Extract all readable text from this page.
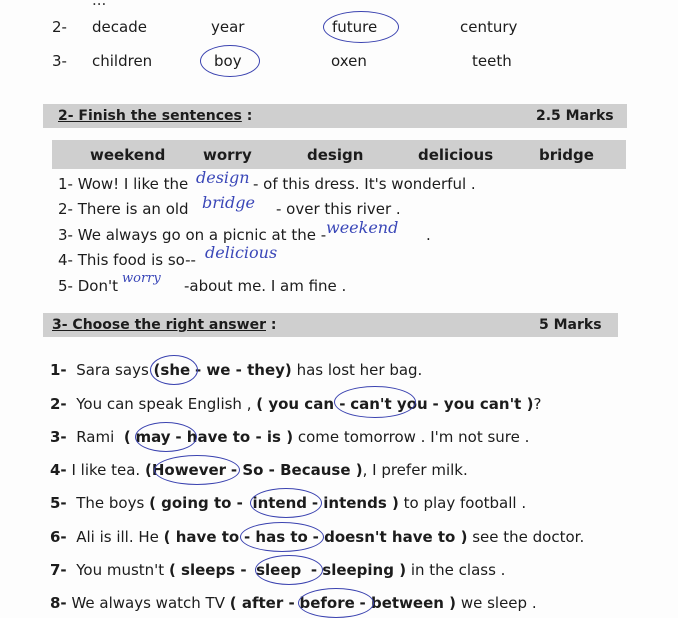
...
2- decade	year	future	century
3- children	boy	oxen	teeth
2- Finish the sentences :	2.5 Marks
weekend	worry	design	delicious	bridge
1- Wow! I like the design - of this dress. It's wonderful .
2- There is an old bridge - over this river .
3- We always go on a picnic at the - weekend .
4- This food is so-- delicious
5- Don't worry -about me. I am fine .
3- Choose the right answer :	5 Marks
1- Sara says (she - we - they) has lost her bag.
2- You can speak English , ( you can - can't you - you can't )?
3- Rami ( may - have to - is ) come tomorrow . I'm not sure .
4- I like tea. (However - So - Because ), I prefer milk.
5- The boys ( going to - intend - intends ) to play football .
6- Ali is ill. He ( have to - has to - doesn't have to ) see the doctor.
7- You mustn't ( sleeps - sleep - sleeping ) in the class .
8- We always watch TV ( after - before - between ) we sleep .
